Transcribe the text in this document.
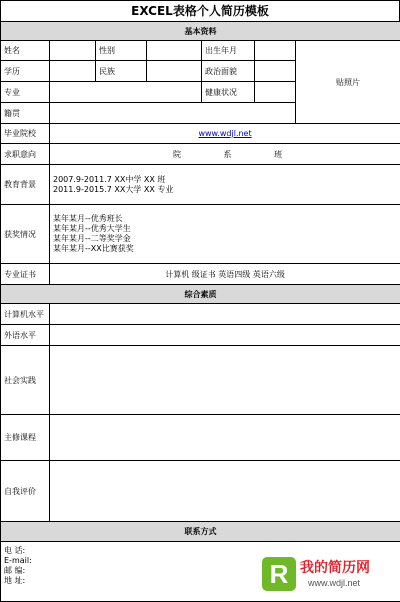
EXCEL表格个人简历模板
基本资料						
姓名		性别		出生年月		贴照片
学历		民族		政治面貌		
专业				健康状况		
籍贯						
毕业院校	www.wdjl.net					
求职意向	院 系 班					
教育背景	2007.9-2011.7 XX中学 XX 班
2011.9-2015.7 XX大学 XX 专业					

获奖情况	某年某月--优秀班长
某年某月--优秀大学生
某年某月--二等奖学金
某年某月--XX比赛获奖					

专业证书	计算机 级证书 英语四级 英语六级					
综合素质						
计算机水平						
外语水平						
社会实践						
主修课程						
自我评价						
联系方式						

电 话:
E-mail:
邮 编:
地 址:							R 我的简历网
www.wdjl.net
